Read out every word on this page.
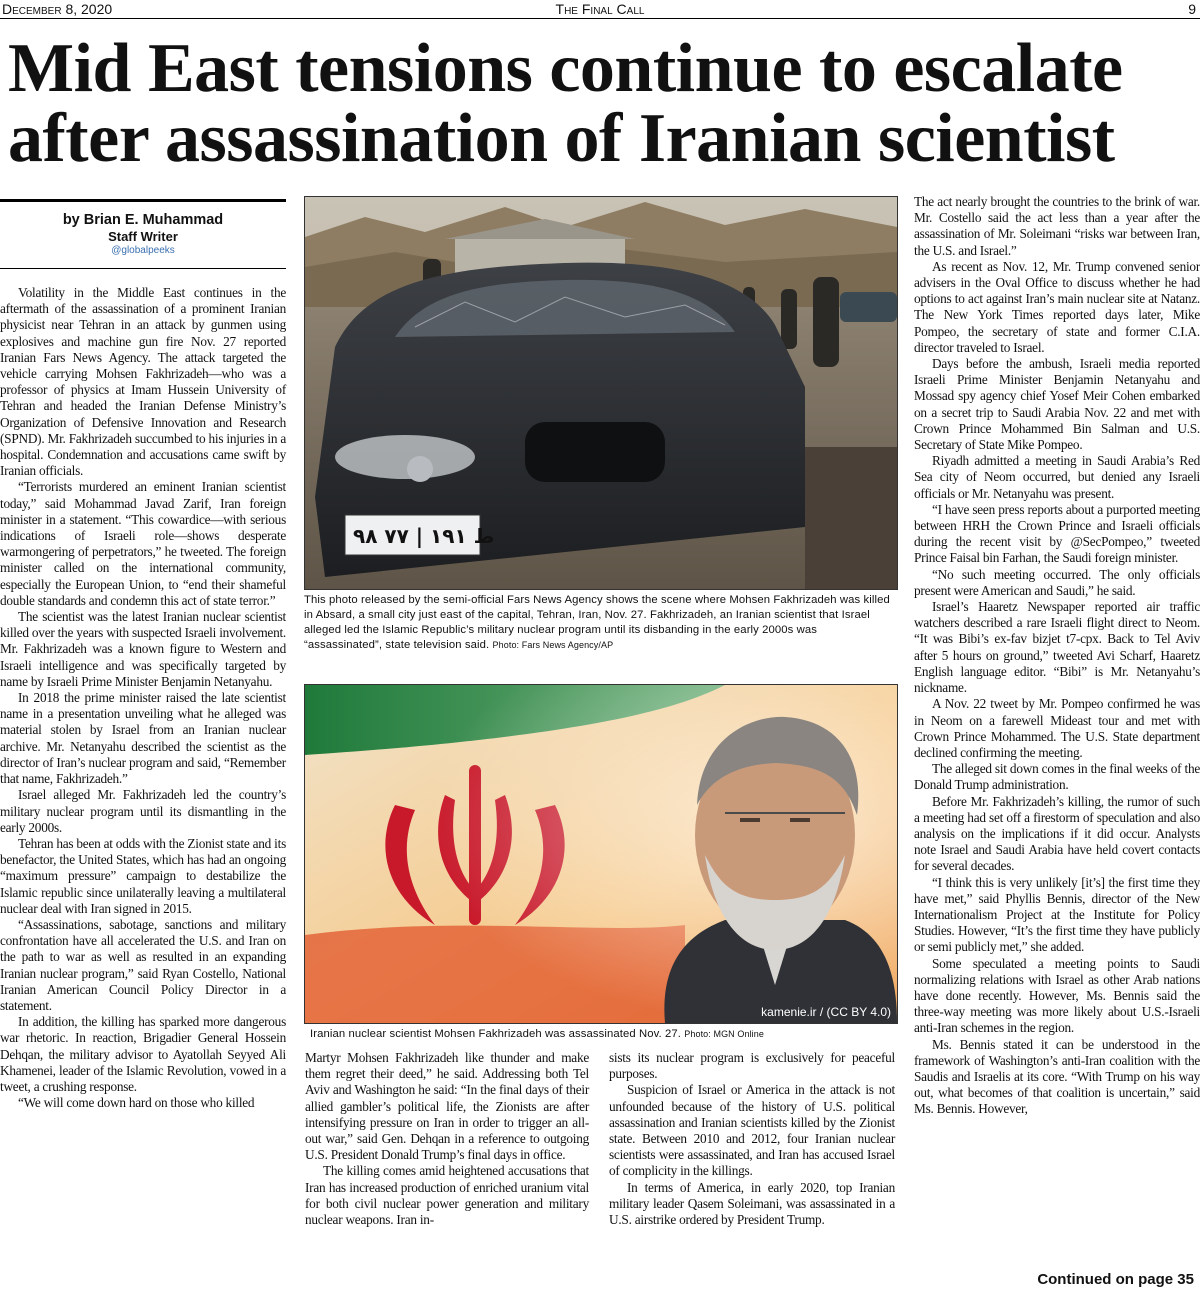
December 8, 2020	The Final Call	9
Mid East tensions continue to escalate
after assassination of Iranian scientist
by Brian E. Muhammad
Staff Writer
@globalpeeks

Volatility in the Middle East continues in the aftermath of the assassination of a prominent Iranian physicist near Tehran in an attack by gunmen using explosives and machine gun fire Nov. 27 reported Iranian Fars News Agency. The attack targeted the vehicle carrying Mohsen Fakhrizadeh—who was a professor of physics at Imam Hussein University of Tehran and headed the Iranian Defense Ministry’s Organization of Defensive Innovation and Research (SPND). Mr. Fakhrizadeh succumbed to his injuries in a hospital. Condemnation and accusations came swift by Iranian officials.

“Terrorists murdered an eminent Iranian scientist today,” said Mohammad Javad Zarif, Iran foreign minister in a statement. “This cowardice—with serious indications of Israeli role—shows desperate warmongering of perpetrators,” he tweeted. The foreign minister called on the international community, especially the European Union, to “end their shameful double standards and condemn this act of state terror.”

The scientist was the latest Iranian nuclear scientist killed over the years with suspected Israeli involvement. Mr. Fakhrizadeh was a known figure to Western and Israeli intelligence and was specifically targeted by name by Israeli Prime Minister Benjamin Netanyahu.

In 2018 the prime minister raised the late scientist name in a presentation unveiling what he alleged was material stolen by Israel from an Iranian nuclear archive. Mr. Netanyahu described the scientist as the director of Iran’s nuclear program and said, “Remember that name, Fakhrizadeh.”

Israel alleged Mr. Fakhrizadeh led the country’s military nuclear program until its dismantling in the early 2000s.

Tehran has been at odds with the Zionist state and its benefactor, the United States, which has had an ongoing “maximum pressure” campaign to destabilize the Islamic republic since unilaterally leaving a multilateral nuclear deal with Iran signed in 2015.

“Assassinations, sabotage, sanctions and military confrontation have all accelerated the U.S. and Iran on the path to war as well as resulted in an expanding Iranian nuclear program,” said Ryan Costello, National Iranian American Council Policy Director in a statement.

In addition, the killing has sparked more dangerous war rhetoric. In reaction, Brigadier General Hossein Dehqan, the military advisor to Ayatollah Seyyed Ali Khamenei, leader of the Islamic Revolution, vowed in a tweet, a crushing response.

“We will come down hard on those who killed

۹۸ ﻁ ۱۹۱ | ۷۷
This photo released by the semi-official Fars News Agency shows the scene where Mohsen Fakhrizadeh was killed in Absard, a small city just east of the capital, Tehran, Iran, Nov. 27. Fakhrizadeh, an Iranian scientist that Israel alleged led the Islamic Republic’s military nuclear program until its disbanding in the early 2000s was “assassinated”, state television said. Photo: Fars News Agency/AP
kamenie.ir / (CC BY 4.0)
Iranian nuclear scientist Mohsen Fakhrizadeh was assassinated Nov. 27. Photo: MGN Online

Martyr Mohsen Fakhrizadeh like thunder and make them regret their deed,” he said. Addressing both Tel Aviv and Washington he said: “In the final days of their allied gambler’s political life, the Zionists are after intensifying pressure on Iran in order to trigger an all-out war,” said Gen. Dehqan in a reference to outgoing U.S. President Donald Trump’s final days in office.

The killing comes amid heightened accusations that Iran has increased production of enriched uranium vital for both civil nuclear power generation and military nuclear weapons. Iran in-

sists its nuclear program is exclusively for peaceful purposes.

Suspicion of Israel or America in the attack is not unfounded because of the history of U.S. political assassination and Iranian scientists killed by the Zionist state. Between 2010 and 2012, four Iranian nuclear scientists were assassinated, and Iran has accused Israel of complicity in the killings.

In terms of America, in early 2020, top Iranian military leader Qasem Soleimani, was assassinated in a U.S. airstrike ordered by President Trump.

The act nearly brought the countries to the brink of war. Mr. Costello said the act less than a year after the assassination of Mr. Soleimani “risks war between Iran, the U.S. and Israel.”

As recent as Nov. 12, Mr. Trump convened senior advisers in the Oval Office to discuss whether he had options to act against Iran’s main nuclear site at Natanz. The New York Times reported days later, Mike Pompeo, the secretary of state and former C.I.A. director traveled to Israel.

Days before the ambush, Israeli media reported Israeli Prime Minister Benjamin Netanyahu and Mossad spy agency chief Yosef Meir Cohen embarked on a secret trip to Saudi Arabia Nov. 22 and met with Crown Prince Mohammed Bin Salman and U.S. Secretary of State Mike Pompeo.

Riyadh admitted a meeting in Saudi Arabia’s Red Sea city of Neom occurred, but denied any Israeli officials or Mr. Netanyahu was present.

“I have seen press reports about a purported meeting between HRH the Crown Prince and Israeli officials during the recent visit by @SecPompeo,” tweeted Prince Faisal bin Farhan, the Saudi foreign minister.

“No such meeting occurred. The only officials present were American and Saudi,” he said.

Israel’s Haaretz Newspaper reported air traffic watchers described a rare Israeli flight direct to Neom. “It was Bibi’s ex-fav bizjet t7-cpx. Back to Tel Aviv after 5 hours on ground,” tweeted Avi Scharf, Haaretz English language editor. “Bibi” is Mr. Netanyahu’s nickname.

A Nov. 22 tweet by Mr. Pompeo confirmed he was in Neom on a farewell Mideast tour and met with Crown Prince Mohammed. The U.S. State department declined confirming the meeting.

The alleged sit down comes in the final weeks of the Donald Trump administration.

Before Mr. Fakhrizadeh’s killing, the rumor of such a meeting had set off a firestorm of speculation and also analysis on the implications if it did occur. Analysts note Israel and Saudi Arabia have held covert contacts for several decades.

“I think this is very unlikely [it’s] the first time they have met,” said Phyllis Bennis, director of the New Internationalism Project at the Institute for Policy Studies. However, “It’s the first time they have publicly or semi publicly met,” she added.

Some speculated a meeting points to Saudi normalizing relations with Israel as other Arab nations have done recently. However, Ms. Bennis said the three-way meeting was more likely about U.S.-Israeli anti-Iran schemes in the region.

Ms. Bennis stated it can be understood in the framework of Washington’s anti-Iran coalition with the Saudis and Israelis at its core. “With Trump on his way out, what becomes of that coalition is uncertain,” said Ms. Bennis. However,

Continued on page 35
